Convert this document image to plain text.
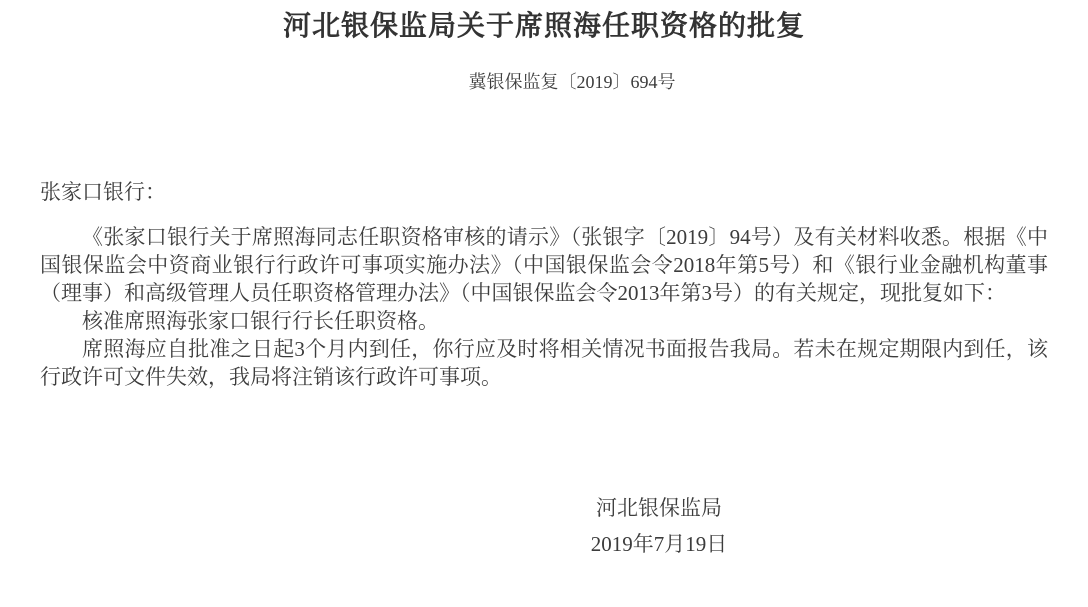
河北银保监局关于席照海任职资格的批复
冀银保监复〔2019〕694号

张家口银行：

《张家口银行关于席照海同志任职资格审核的请示》（张银字〔2019〕94号）及有关材料收悉。根据《中国银保监会中资商业银行行政许可事项实施办法》（中国银保监会令2018年第5号）和《银行业金融机构董事（理事）和高级管理人员任职资格管理办法》（中国银保监会令2013年第3号）的有关规定，现批复如下：

核准席照海张家口银行行长任职资格。

席照海应自批准之日起3个月内到任，你行应及时将相关情况书面报告我局。若未在规定期限内到任，该行政许可文件失效，我局将注销该行政许可事项。

河北银保监局
2019年7月19日
